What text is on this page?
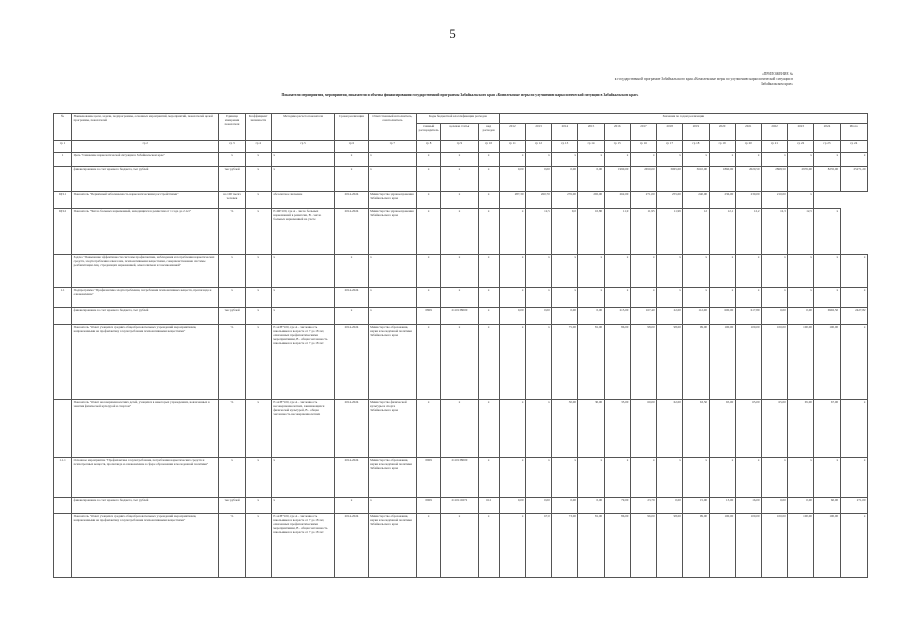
5
«ПРИЛОЖЕНИЕ №
к государственной программе Забайкальского края «Комплексные меры по улучшению наркологической ситуации в
Забайкальском крае»
Показатели мероприятия, мероприятия, показатели и объемы финансирования государственной программы Забайкальского края «Комплексные меры по улучшению наркологической ситуации в Забайкальском крае»
№	Наименование цели, задачи, подпрограммы, основных мероприятий, мероприятий, показателей целей программы, показателей	Единица измерения показателя	Коэффициент значимости	Методика расчета показателя	Сроки реализации	Ответственный исполнитель, соисполнитель	Коды бюджетной классификации расходов			Значения по годам реализации													
							главный распорядитель	целевая статья	вид расходов	2012	2013	2014	2015	2016	2017	2018	2019	2020	2021	2022	2023	2024	Итого
гр 1	гр 2	гр 3	гр 4	гр 5	гр 6	гр 7	гр 8	гр 9	гр 10	гр 11	гр 12	гр 13	гр 14	гр 15	гр 16	гр 17	гр 18	гр 19	гр 20	гр 21	гр 22	гр 23	гр 24
1	Цель "Снижение наркологической ситуации в Забайкальском крае"	х	х	х	х	х	х	х	х	х	х	х	х	х	х	х	х	х	х	х	х	х	х
	финансирование за счет краевого бюджета, тыс рублей	тыс рублей	х	х	х	х	х	х	х	0,00	0,00	0,00	0,00	1990,00	2650,00	3065,00	3610,00	1860,00	2020,50	2868,50	2976,00	8235,00	25271,20
ЦП.1	Показатель "Первичный заболеваемость наркологическими расстройствами"	на 100 тысяч человек	х	абсолютное значение	2014-2024	Министерство здравоохранения Забайкальского края	х	х	х	287,30	260,70	276,00	265,00	262,00	271,00	255,00	240,00	236,00	230,00	210,00	х		
ЦП.2	Показатель "Число больных наркоманией, находящихся в ремиссии от 1 года до 2 лет"	%	х	Р=ЯР/100, где А - число больных наркоманией в ремиссии, В - число больных наркоманией на учете	2014-2024	Министерство здравоохранения Забайкальского края	х	х	х	х	12,5	9,0	10,80	11,9	11,95	11,99	12	12,1	12,2	12,3	12,5	х	
	Задача "Повышение эффективности системы профилактики, наблюдения и потребления наркотических средств, злоупотребления алкоголем, психоактивными веществами, совершенствование системы реабилитации лиц, страдающих наркоманией, алкоголизмом и токсикоманией"	х	х	х	х	х	х	х	х	х	х	х	х	х	х	х	х	х	х	х	х	х	х
1.1	Подпрограмма "Профилактика злоупотребления, потребления психоактивных веществ, пропаганда и ознакомление"	х	х	х	2014-2024	х	х	х	х	х	х	х	х	х	х	х	х	х	х	х	х	х	х
	финансирование за счет краевого бюджета, тыс рублей	тыс рублей	х	х	х	х	0809	2110138000	х	0,00	0,00	0,00	0,00	215,00	167,40	22,00	112,00	600,00	617,89	0,00	0,00	6992,50	2427,82
	Показатель "Охват учащихся средних общеобразовательных учреждений мероприятиями, направленными на профилактику злоупотребления психоактивными веществами"	%	х	Р=А/В*100, где А - численность школьников в возрасте от 7 до 18 лет, охваченных профилактическими мероприятиями, В - общая численность школьников в возрасте от 7 до 18 лет	2014-2024	Министерство образования, науки и молодёжной политики Забайкальского края	х	х	х	х	х	75,00	81,00	86,00	98,00	98,00	99,00	100,00	100,00	100,00	100,00	100,00	х
	Показатель "Охват несовершеннолетних детей, учащихся в некоторых учреждениях, вовлеченных в занятия физической культурой и спортом"	%	х	Р=А/В*100, где А - численность несовершеннолетних, занимающихся физической культурой, В - общая численность несовершеннолетних	2014-2024	Министерство физической культуры и спорта Забайкальского края	х	х	х	х	х	30,00	30,00	35,00	60,00	62,00	63,50	65,00	65,00	65,00	65,00	67,00	х
1.1.1	Основное мероприятие "Профилактика злоупотребления, потребления наркотических средств и психотропных веществ, пропаганда и ознакомление в сфере образования и молодежной политики"	х	х	х	2014-2024	Министерство образования, науки и молодёжной политики Забайкальского края	0909	2110138000	х	х	х	х	х	х	х	х	х	х	х	х	х	х	х
	финансирование за счет краевого бюджета, тыс рублей	тыс рублей	х	х	х	х	0909	2110110272	612	0,00	0,00	0,00	0,00	79,00	23,79	0,00	15,00	13,00	16,00	0,00	0,00	60,00	271,00
	Показатель "Охват учащихся средних общеобразовательных учреждений мероприятиями, направленными на профилактику злоупотребления психоактивными веществами"	%	х	Р=А/В*100, где А - численность школьников в возрасте от 7 до 18 лет, охваченных профилактическими мероприятиями, В - общая численность школьников в возрасте от 7 до 18 лет	2014-2024	Министерство образования, науки и молодёжной политики Забайкальского края	х	х	х	х	67,0	73,00	81,00	86,00	96,00	98,00	99,00	100,00	100,00	100,00	100,00	100,00	х
